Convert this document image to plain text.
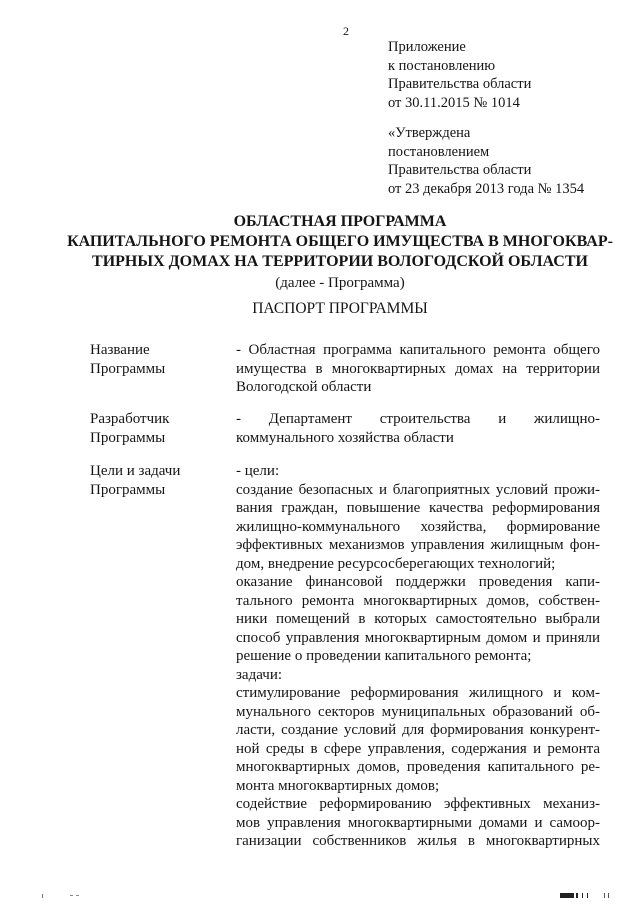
2
Приложение
к постановлению
Правительства области
от 30.11.2015 № 1014
«Утверждена
постановлением
Правительства области
от 23 декабря 2013 года № 1354
ОБЛАСТНАЯ ПРОГРАММА
КАПИТАЛЬНОГО РЕМОНТА ОБЩЕГО ИМУЩЕСТВА В МНОГОКВАР-
ТИРНЫХ ДОМАХ НА ТЕРРИТОРИИ ВОЛОГОДСКОЙ ОБЛАСТИ
(далее - Программа)
ПАСПОРТ ПРОГРАММЫ
Название
Программы
- Областная программа капитального ремонта общего
имущества в многоквартирных домах на территории
Вологодской области
Разработчик
Программы
- Департамент строительства и жилищно-
коммунального хозяйства области
Цели и задачи
Программы
- цели:
создание безопасных и благоприятных условий прожи-
вания граждан, повышение качества реформирования
жилищно-коммунального хозяйства, формирование
эффективных механизмов управления жилищным фон-
дом, внедрение ресурсосберегающих технологий;
оказание финансовой поддержки проведения капи-
тального ремонта многоквартирных домов, собствен-
ники помещений в которых самостоятельно выбрали
способ управления многоквартирным домом и приняли
решение о проведении капитального ремонта;
задачи:
стимулирование реформирования жилищного и ком-
мунального секторов муниципальных образований об-
ласти, создание условий для формирования конкурент-
ной среды в сфере управления, содержания и ремонта
многоквартирных домов, проведения капитального ре-
монта многоквартирных домов;
содействие реформированию эффективных механиз-
мов управления многоквартирными домами и самоор-
ганизации собственников жилья в многоквартирных
